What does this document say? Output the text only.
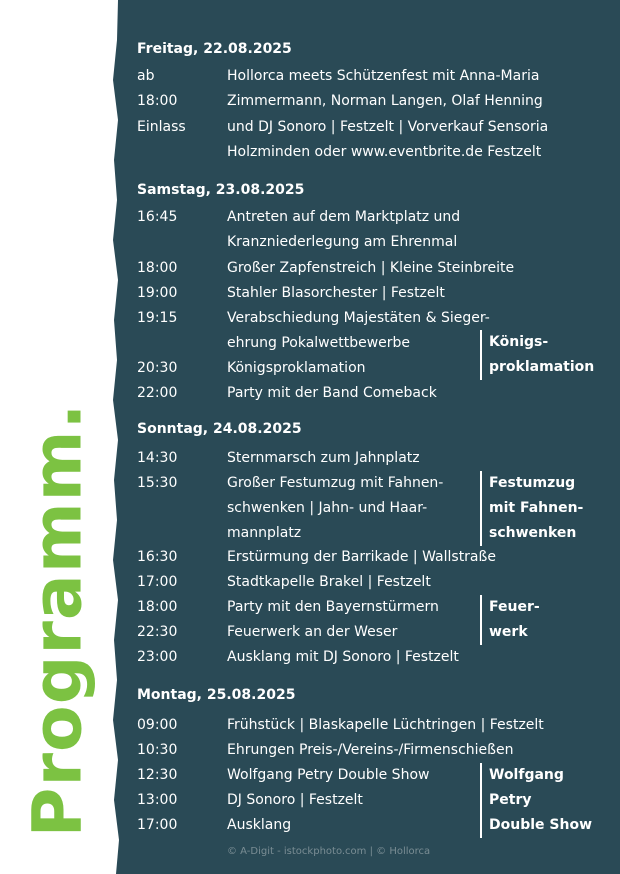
Programm.
Freitag, 22.08.2025
ab	Hollorca meets Schützenfest mit Anna-Maria
18:00	Zimmermann, Norman Langen, Olaf Henning
Einlass	und DJ Sonoro | Festzelt | Vorverkauf Sensoria
Holzminden oder www.eventbrite.de Festzelt
Samstag, 23.08.2025
16:45	Antreten auf dem Marktplatz und
Kranzniederlegung am Ehrenmal
18:00	Großer Zapfenstreich | Kleine Steinbreite
19:00	Stahler Blasorchester | Festzelt
19:15	Verabschiedung Majestäten & Sieger-
ehrung Pokalwettbewerbe
20:30	Königsproklamation
22:00	Party mit der Band Comeback
Königs-
proklamation
Sonntag, 24.08.2025
14:30	Sternmarsch zum Jahnplatz
15:30	Großer Festumzug mit Fahnen-
schwenken | Jahn- und Haar-
mannplatz
16:30	Erstürmung der Barrikade | Wallstraße
17:00	Stadtkapelle Brakel | Festzelt
18:00	Party mit den Bayernstürmern
22:30	Feuerwerk an der Weser
23:00	Ausklang mit DJ Sonoro | Festzelt
Festumzug
mit Fahnen-
schwenken
Feuer-
werk
Montag, 25.08.2025
09:00	Frühstück | Blaskapelle Lüchtringen | Festzelt
10:30	Ehrungen Preis-/Vereins-/Firmenschießen
12:30	Wolfgang Petry Double Show
13:00	DJ Sonoro | Festzelt
17:00	Ausklang
Wolfgang
Petry
Double Show
© A-Digit - istockphoto.com | © Hollorca
